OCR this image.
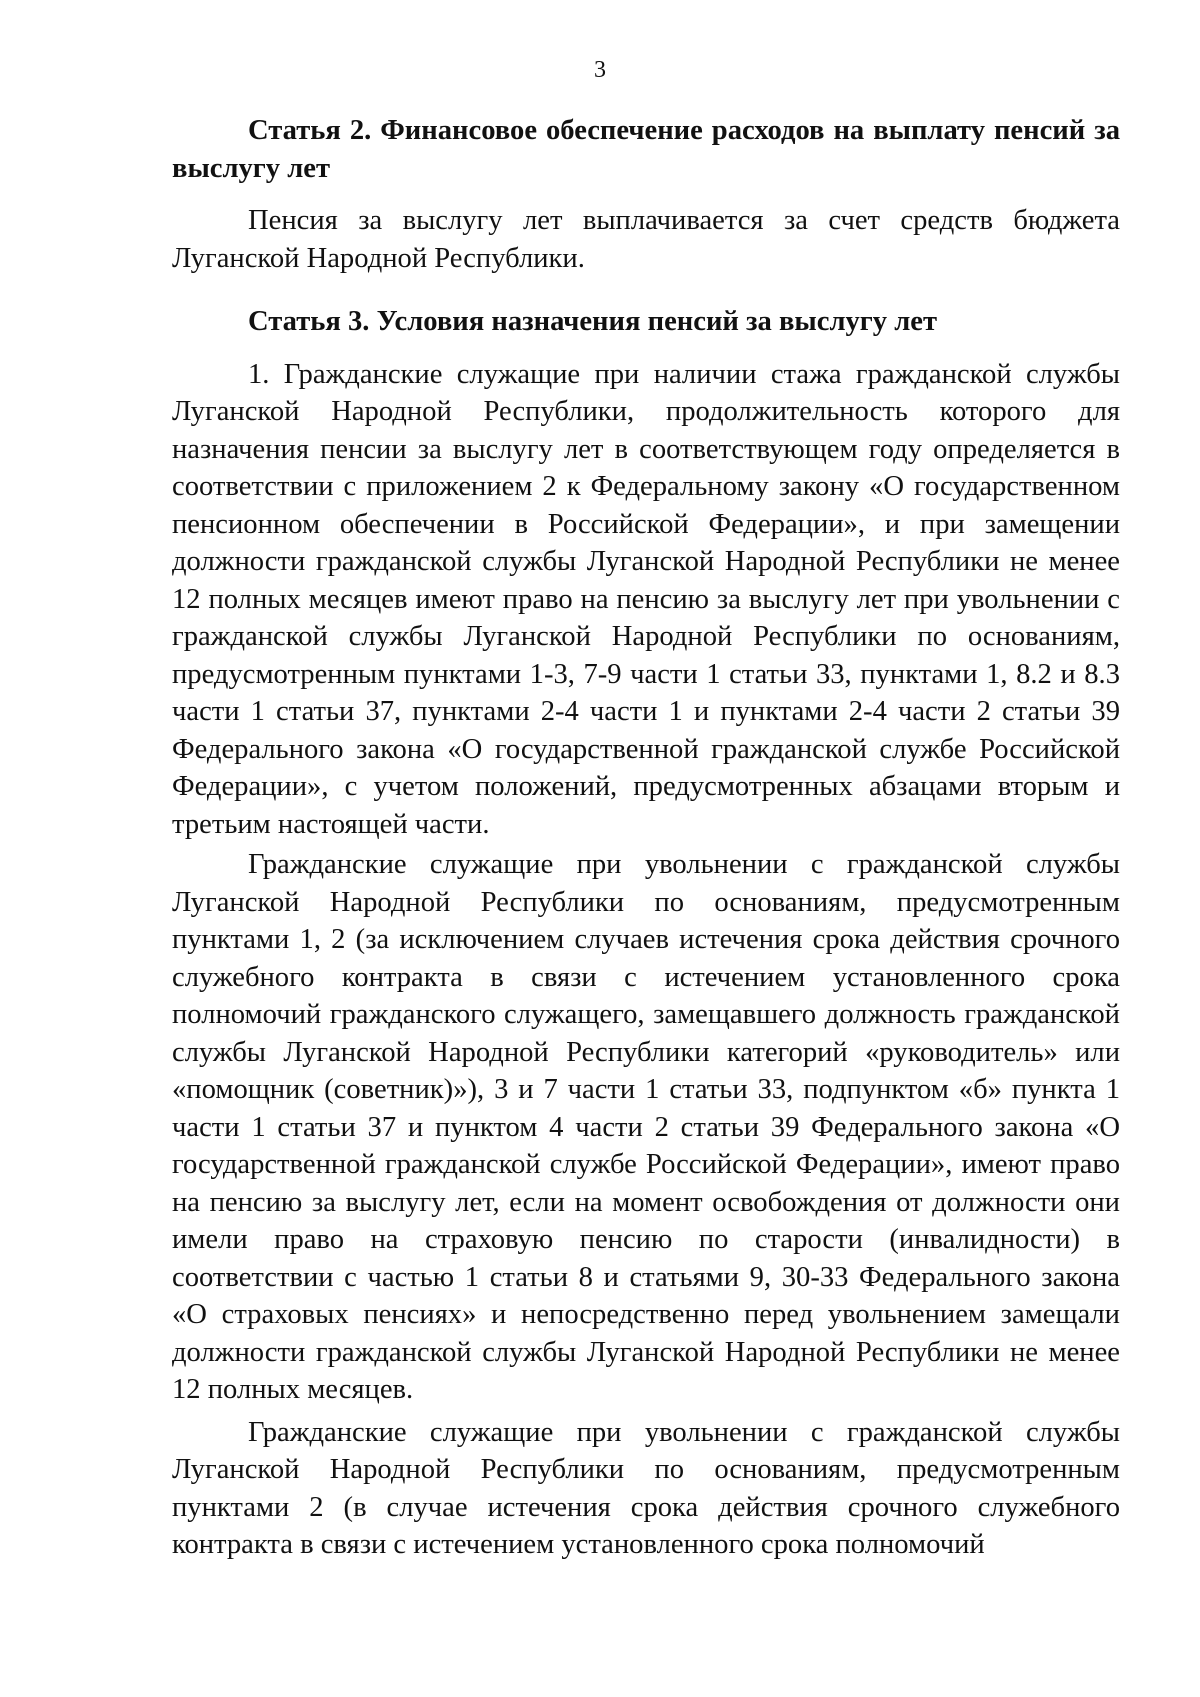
3
Статья 2. Финансовое обеспечение расходов на выплату пенсий за выслугу лет

Пенсия за выслугу лет выплачивается за счет средств бюджета Луганской Народной Республики.

Статья 3. Условия назначения пенсий за выслугу лет

1. Гражданские служащие при наличии стажа гражданской службы Луганской Народной Республики, продолжительность которого для назначения пенсии за выслугу лет в соответствующем году определяется в соответствии с приложением 2 к Федеральному закону «О государственном пенсионном обеспечении в Российской Федерации», и при замещении должности гражданской службы Луганской Народной Республики не менее 12 полных месяцев имеют право на пенсию за выслугу лет при увольнении с гражданской службы Луганской Народной Республики по основаниям, предусмотренным пунктами 1-3, 7-9 части 1 статьи 33, пунктами 1, 8.2 и 8.3 части 1 статьи 37, пунктами 2-4 части 1 и пунктами 2-4 части 2 статьи 39 Федерального закона «О государственной гражданской службе Российской Федерации», с учетом положений, предусмотренных абзацами вторым и третьим настоящей части.

Гражданские служащие при увольнении с гражданской службы Луганской Народной Республики по основаниям, предусмотренным пунктами 1, 2 (за исключением случаев истечения срока действия срочного служебного контракта в связи с истечением установленного срока полномочий гражданского служащего, замещавшего должность гражданской службы Луганской Народной Республики категорий «руководитель» или «помощник (советник)»), 3 и 7 части 1 статьи 33, подпунктом «б» пункта 1 части 1 статьи 37 и пунктом 4 части 2 статьи 39 Федерального закона «О государственной гражданской службе Российской Федерации», имеют право на пенсию за выслугу лет, если на момент освобождения от должности они имели право на страховую пенсию по старости (инвалидности) в соответствии с частью 1 статьи 8 и статьями 9, 30-33 Федерального закона «О страховых пенсиях» и непосредственно перед увольнением замещали должности гражданской службы Луганской Народной Республики не менее 12 полных месяцев.

Гражданские служащие при увольнении с гражданской службы Луганской Народной Республики по основаниям, предусмотренным пунктами 2 (в случае истечения срока действия срочного служебного контракта в связи с истечением установленного срока полномочий
